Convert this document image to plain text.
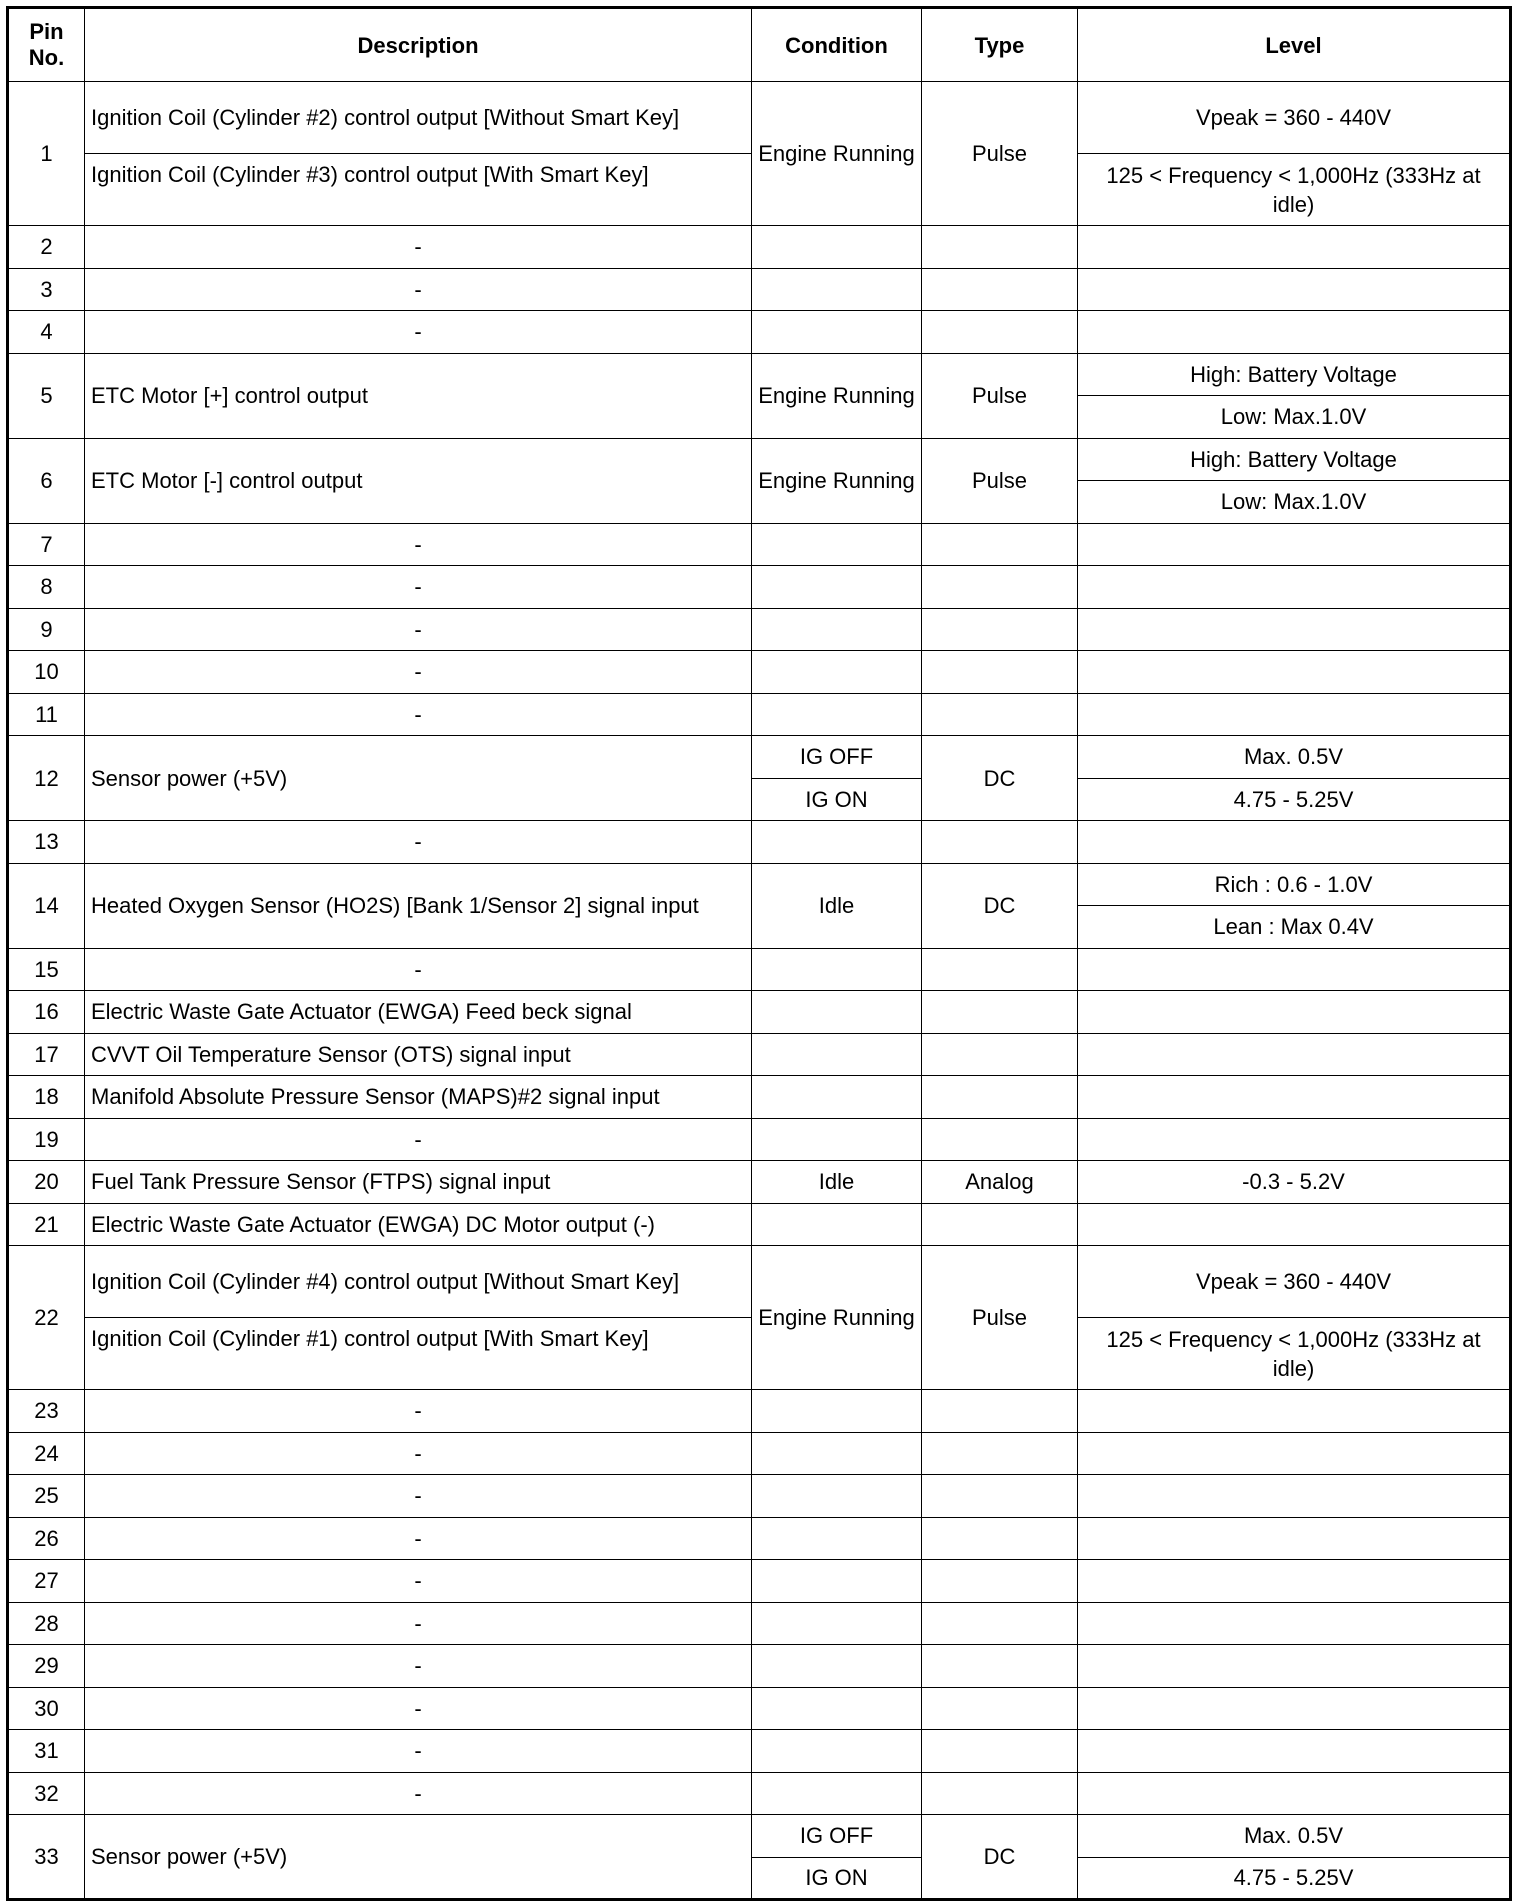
Pin
No.	Description	Condition	Type	Level
1	Ignition Coil (Cylinder #2) control output [Without Smart Key]	Engine Running	Pulse	Vpeak = 360 - 440V
	Ignition Coil (Cylinder #3) control output [With Smart Key]			125 < Frequency < 1,000Hz (333Hz at idle)
2	-			
3	-			
4	-			
5	ETC Motor [+] control output	Engine Running	Pulse	High: Battery Voltage
				Low: Max.1.0V
6	ETC Motor [-] control output	Engine Running	Pulse	High: Battery Voltage
				Low: Max.1.0V
7	-			
8	-			
9	-			
10	-			
11	-			
12	Sensor power (+5V)	IG OFF	DC	Max. 0.5V
		IG ON		4.75 - 5.25V
13	-			
14	Heated Oxygen Sensor (HO2S) [Bank 1/Sensor 2] signal input	Idle	DC	Rich : 0.6 - 1.0V
				Lean : Max 0.4V
15	-			
16	Electric Waste Gate Actuator (EWGA) Feed beck signal			
17	CVVT Oil Temperature Sensor (OTS) signal input			
18	Manifold Absolute Pressure Sensor (MAPS)#2 signal input			
19	-			
20	Fuel Tank Pressure Sensor (FTPS) signal input	Idle	Analog	-0.3 - 5.2V
21	Electric Waste Gate Actuator (EWGA) DC Motor output (-)			
22	Ignition Coil (Cylinder #4) control output [Without Smart Key]	Engine Running	Pulse	Vpeak = 360 - 440V
	Ignition Coil (Cylinder #1) control output [With Smart Key]			125 < Frequency < 1,000Hz (333Hz at idle)
23	-			
24	-			
25	-			
26	-			
27	-			
28	-			
29	-			
30	-			
31	-			
32	-			
33	Sensor power (+5V)	IG OFF	DC	Max. 0.5V
		IG ON		4.75 - 5.25V
